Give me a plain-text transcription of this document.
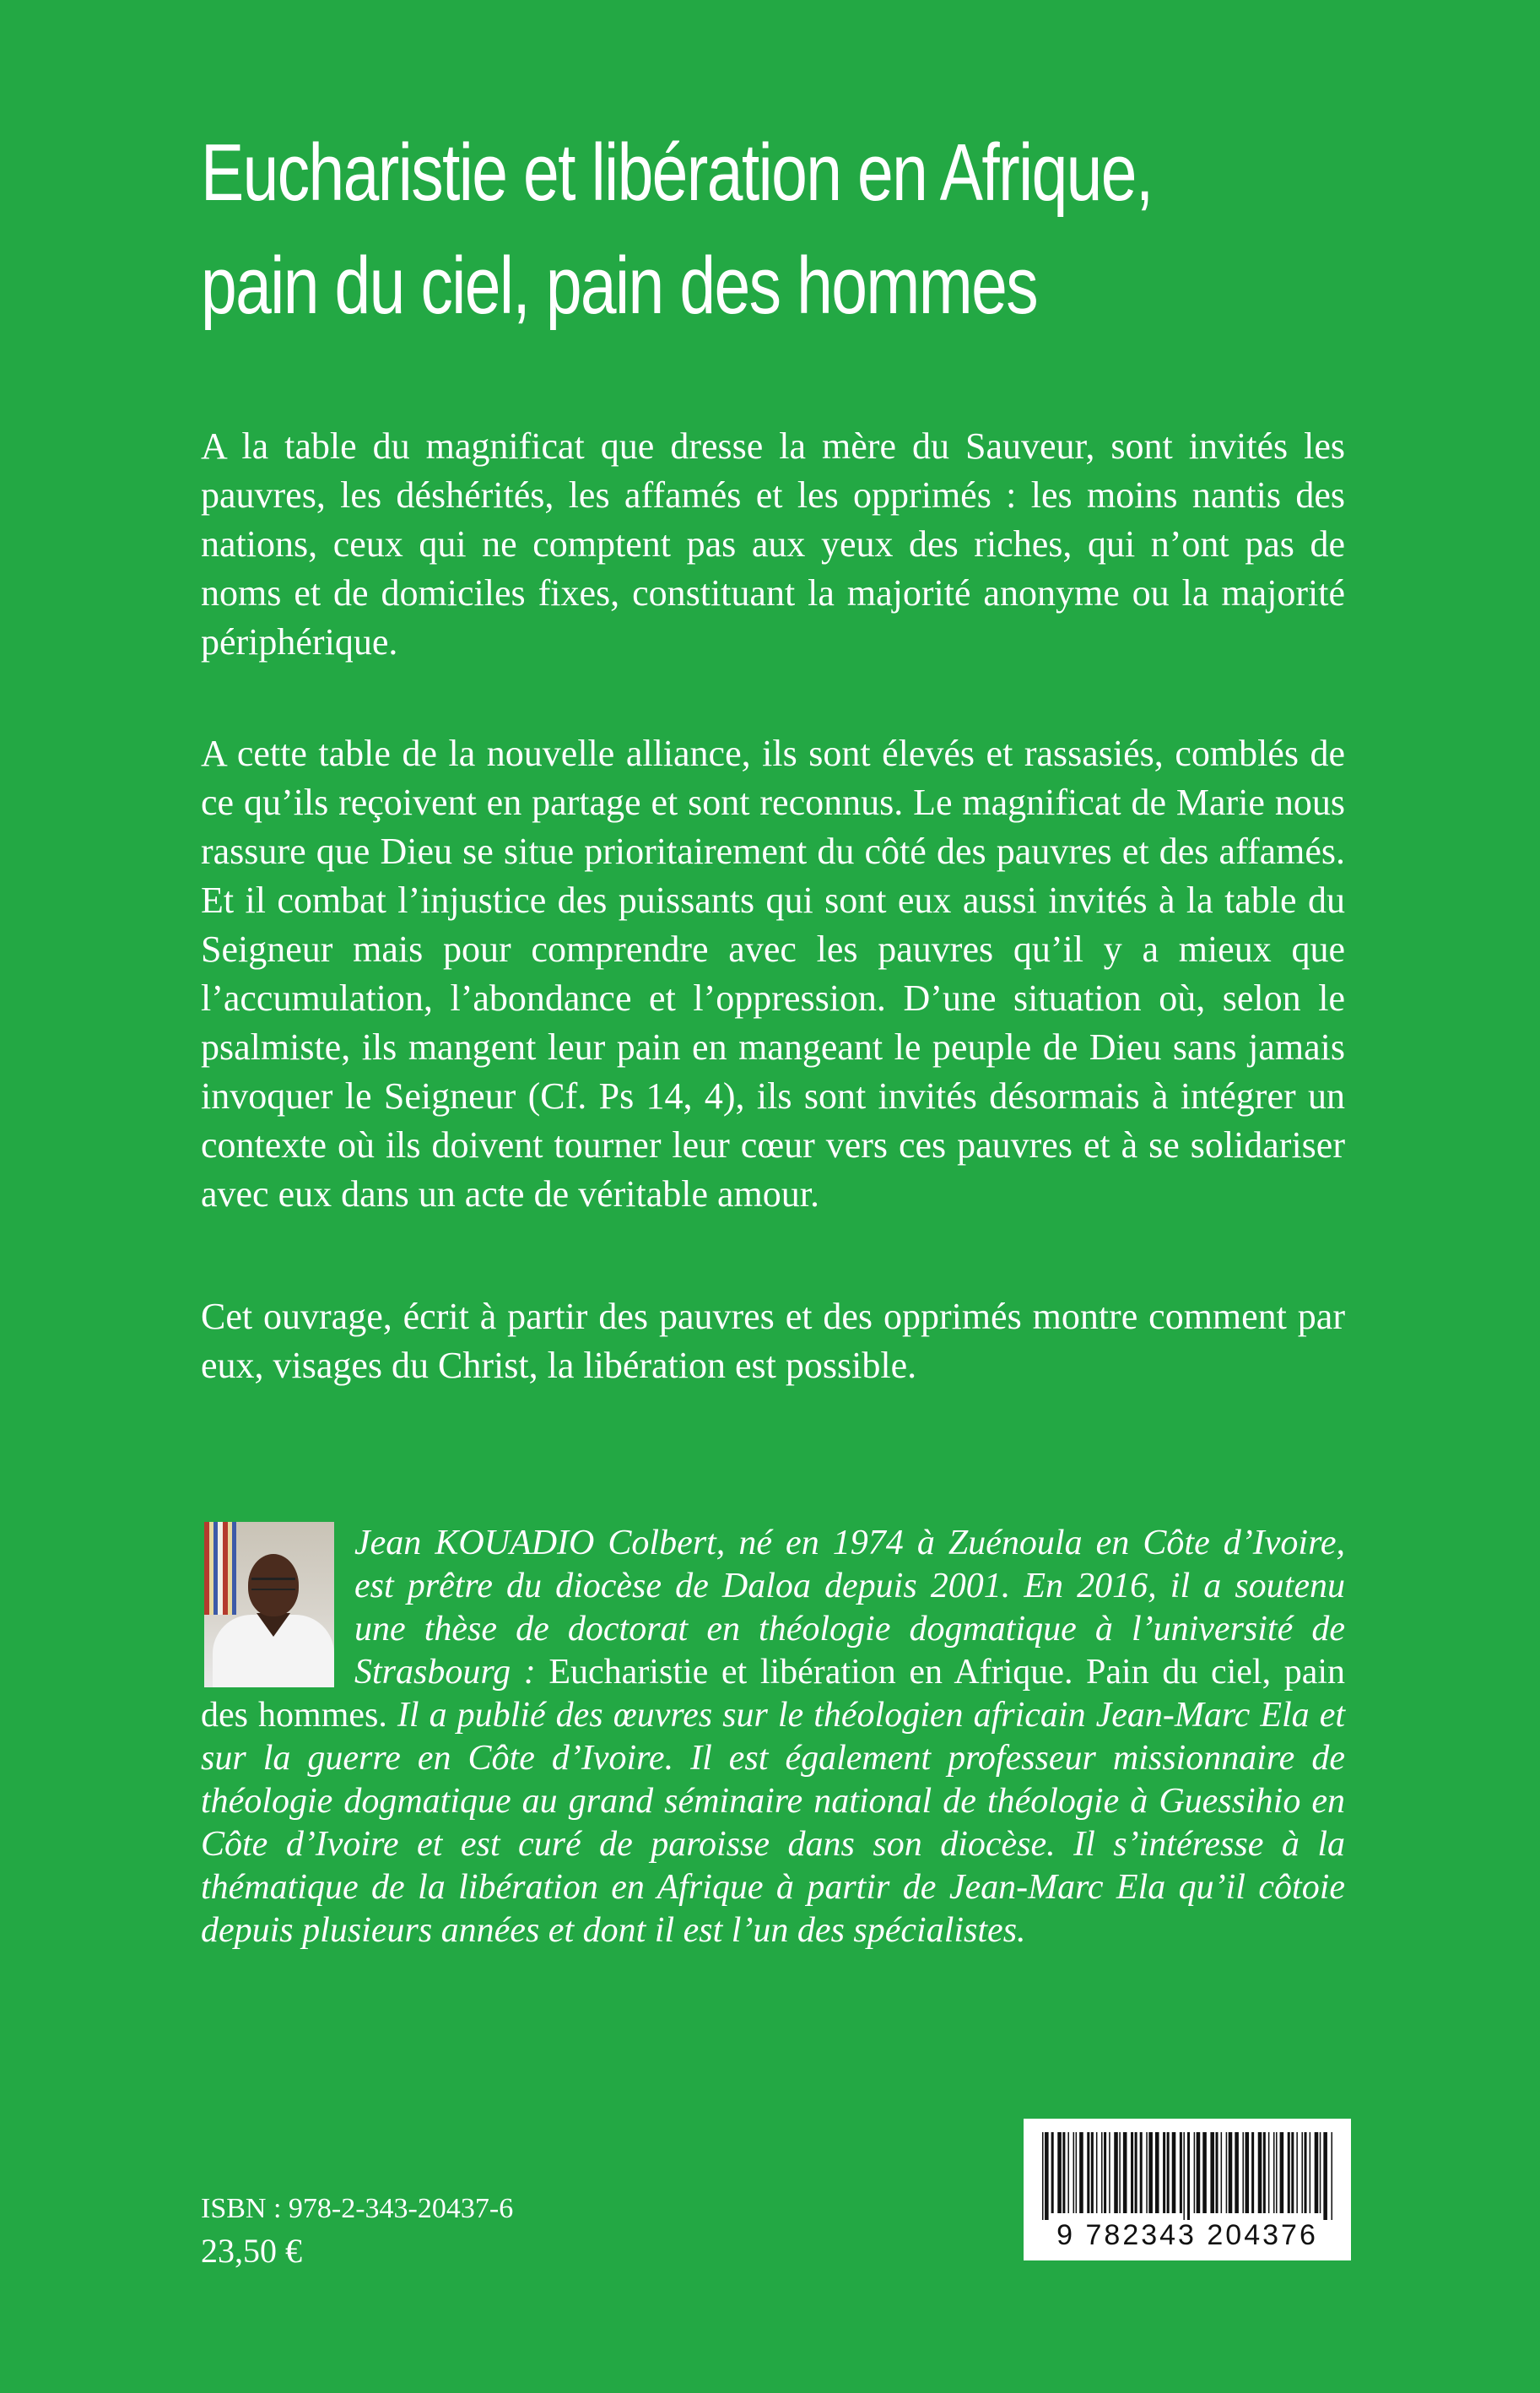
Eucharistie et libération en Afrique,
pain du ciel, pain des hommes

A la table du magnificat que dresse la mère du Sauveur, sont invités les pauvres, les déshérités, les affamés et les opprimés : les moins nantis des nations, ceux qui ne comptent pas aux yeux des riches, qui n’ont pas de noms et de domiciles fixes, constituant la majorité anonyme ou la majorité périphérique.

A cette table de la nouvelle alliance, ils sont élevés et rassasiés, comblés de ce qu’ils reçoivent en partage et sont reconnus. Le magnificat de Marie nous rassure que Dieu se situe prioritairement du côté des pauvres et des affamés. Et il combat l’injustice des puissants qui sont eux aussi invités à la table du Seigneur mais pour comprendre avec les pauvres qu’il y a mieux que l’accumulation, l’abondance et l’oppression. D’une situation où, selon le psalmiste, ils mangent leur pain en mangeant le peuple de Dieu sans jamais invoquer le Seigneur (Cf. Ps 14, 4), ils sont invités désormais à intégrer un contexte où ils doivent tourner leur cœur vers ces pauvres et à se solidariser avec eux dans un acte de véritable amour.

Cet ouvrage, écrit à partir des pauvres et des opprimés montre comment par eux, visages du Christ, la libération est possible.

Jean KOUADIO Colbert, né en 1974 à Zuénoula en Côte d’Ivoire, est prêtre du diocèse de Daloa depuis 2001. En 2016, il a soutenu une thèse de doctorat en théologie dogmatique à l’université de Strasbourg : Eucharistie et libération en Afrique. Pain du ciel, pain des hommes. Il a publié des œuvres sur le théologien africain Jean-Marc Ela et sur la guerre en Côte d’Ivoire. Il est également professeur missionnaire de théologie dogmatique au grand séminaire national de théologie à Guessihio en Côte d’Ivoire et est curé de paroisse dans son diocèse. Il s’intéresse à la thématique de la libération en Afrique à partir de Jean-Marc Ela qu’il côtoie depuis plusieurs années et dont il est l’un des spécialistes.

ISBN : 978-2-343-20437-6
23,50 €	9 782343 204376
